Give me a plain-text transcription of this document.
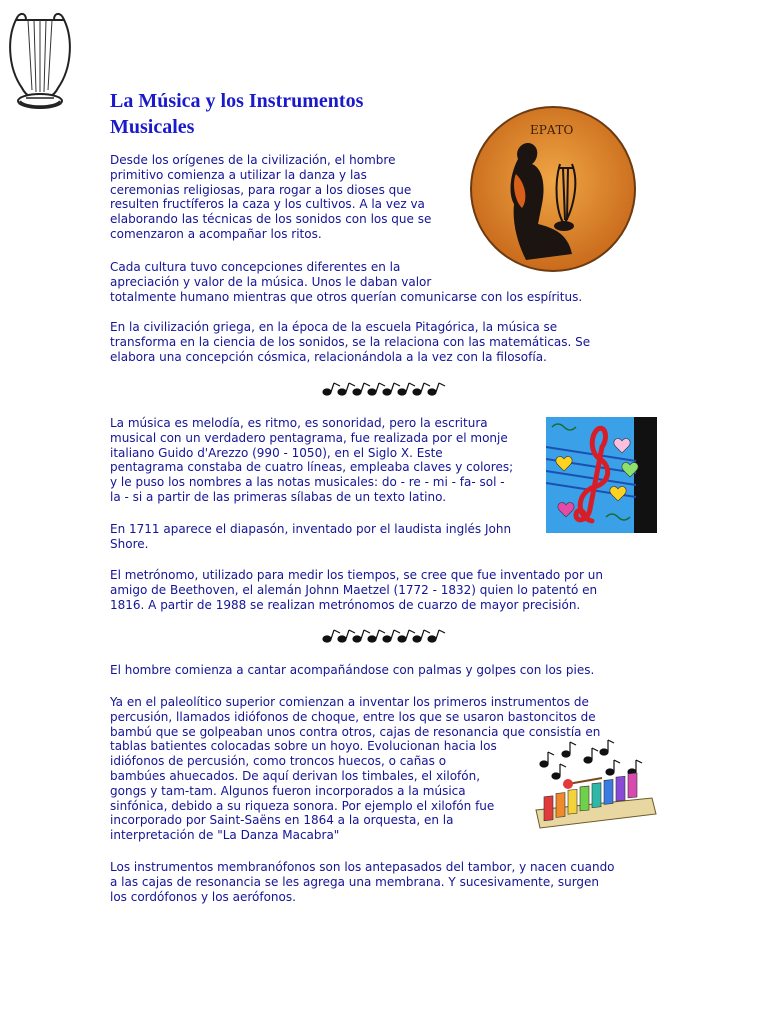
La Música y los Instrumentos
Musicales	ΕΡΑΤΟ

Desde los orígenes de la civilización, el hombre
primitivo comienza a utilizar la danza y las
ceremonias religiosas, para rogar a los dioses que
resulten fructíferos la caza y los cultivos. A la vez va
elaborando las técnicas de los sonidos con los que se
comenzaron a acompañar los ritos.

Cada cultura tuvo concepciones diferentes en la
apreciación y valor de la música. Unos le daban valor
totalmente humano mientras que otros querían comunicarse con los espíritus.

En la civilización griega, en la época de la escuela Pitagórica, la música se
transforma en la ciencia de los sonidos, se la relaciona con las matemáticas. Se
elabora una concepción cósmica, relacionándola a la vez con la filosofía.

La música es melodía, es ritmo, es sonoridad, pero la escritura
musical con un verdadero pentagrama, fue realizada por el monje
italiano Guido d'Arezzo (990 - 1050), en el Siglo X. Este
pentagrama constaba de cuatro líneas, empleaba claves y colores;
y le puso los nombres a las notas musicales: do - re - mi - fa- sol -
la - si a partir de las primeras sílabas de un texto latino.

En 1711 aparece el diapasón, inventado por el laudista inglés John
Shore.

El metrónomo, utilizado para medir los tiempos, se cree que fue inventado por un
amigo de Beethoven, el alemán Johnn Maetzel (1772 - 1832) quien lo patentó en
1816. A partir de 1988 se realizan metrónomos de cuarzo de mayor precisión.

El hombre comienza a cantar acompañándose con palmas y golpes con los pies.

Ya en el paleolítico superior comienzan a inventar los primeros instrumentos de
percusión, llamados idiófonos de choque, entre los que se usaron bastoncitos de
bambú que se golpeaban unos contra otros, cajas de resonancia que consistía en
tablas batientes colocadas sobre un hoyo. Evolucionan hacia los
idiófonos de percusión, como troncos huecos, o cañas o
bambúes ahuecados. De aquí derivan los timbales, el xilofón,
gongs y tam-tam. Algunos fueron incorporados a la música
sinfónica, debido a su riqueza sonora. Por ejemplo el xilofón fue
incorporado por Saint-Saëns en 1864 a la orquesta, en la
interpretación de "La Danza Macabra"

Los instrumentos membranófonos son los antepasados del tambor, y nacen cuando
a las cajas de resonancia se les agrega una membrana. Y sucesivamente, surgen
los cordófonos y los aerófonos.
